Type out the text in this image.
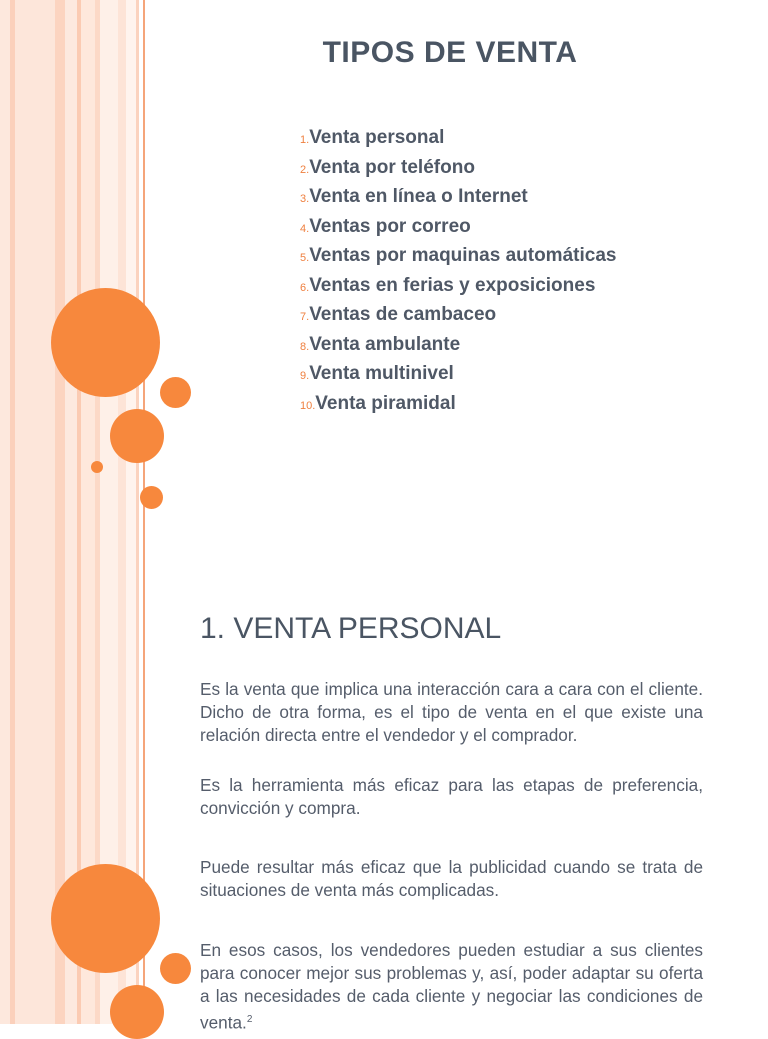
TIPOS DE VENTA
1.Venta personal
2.Venta por teléfono
3.Venta en línea o Internet
4.Ventas por correo
5.Ventas por maquinas automáticas
6.Ventas en ferias y exposiciones
7.Ventas de cambaceo
8.Venta ambulante
9.Venta multinivel
10.Venta piramidal
1. VENTA PERSONAL

Es la venta que implica una interacción cara a cara con el cliente. Dicho de otra forma, es el tipo de venta en el que existe una relación directa entre el vendedor y el comprador.

Es la herramienta más eficaz para las etapas de preferencia, convicción y compra.

Puede resultar más eficaz que la publicidad cuando se trata de situaciones de venta más complicadas.

En esos casos, los vendedores pueden estudiar a sus clientes para conocer mejor sus problemas y, así, poder adaptar su oferta a las necesidades de cada cliente y negociar las condiciones de venta.$^2$
